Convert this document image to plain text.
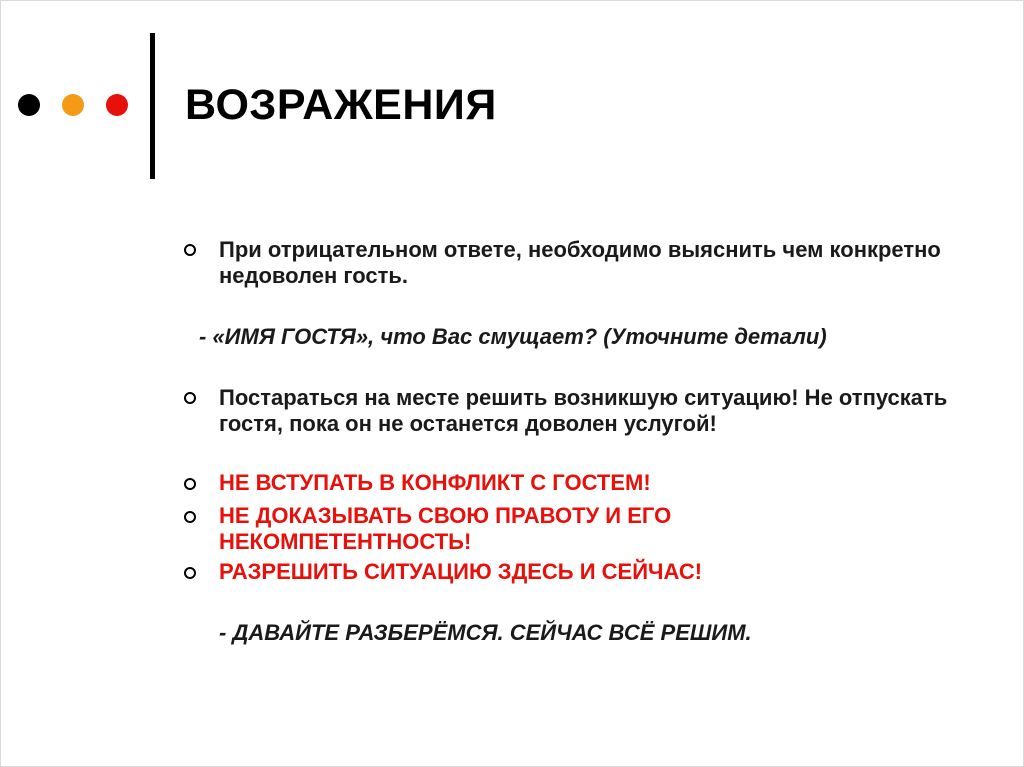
ВОЗРАЖЕНИЯ
При отрицательном ответе, необходимо выяснить чем конкретно недоволен гость.
- «ИМЯ ГОСТЯ», что Вас смущает? (Уточните детали)
Постараться на месте решить возникшую ситуацию! Не отпускать гостя, пока он не останется доволен услугой!
НЕ ВСТУПАТЬ В КОНФЛИКТ С ГОСТЕМ!
НЕ ДОКАЗЫВАТЬ СВОЮ ПРАВОТУ И ЕГО НЕКОМПЕТЕНТНОСТЬ!
РАЗРЕШИТЬ СИТУАЦИЮ ЗДЕСЬ И СЕЙЧАС!
- ДАВАЙТЕ РАЗБЕРЁМСЯ. СЕЙЧАС ВСЁ РЕШИМ.
